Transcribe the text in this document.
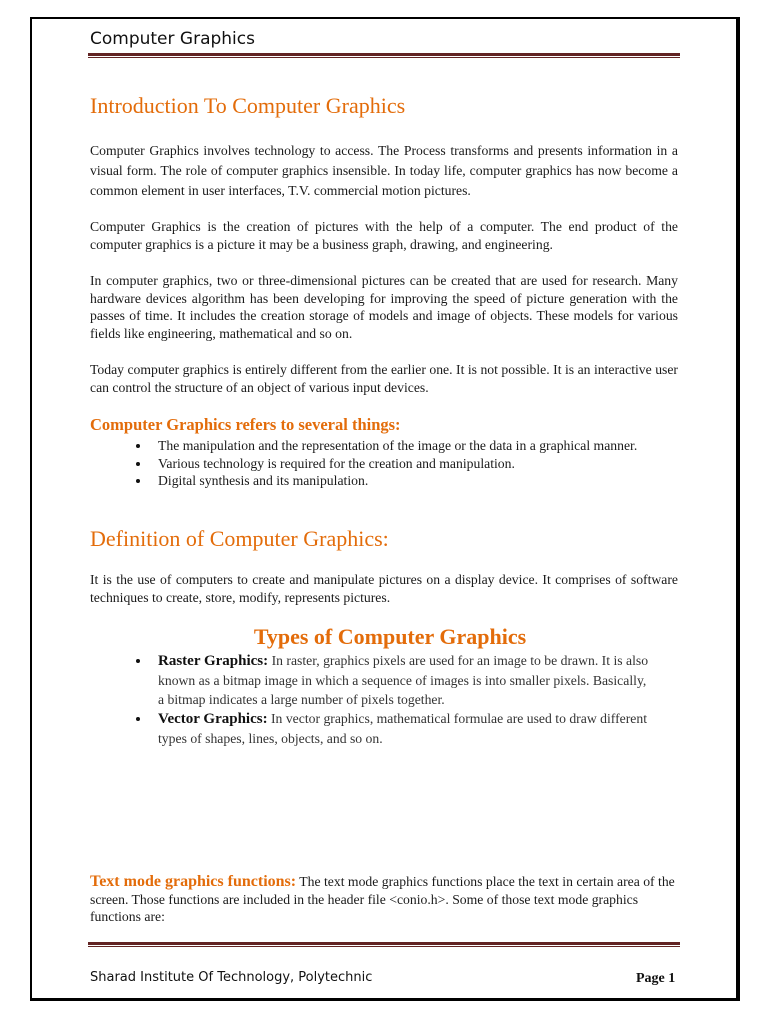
Computer Graphics
Introduction To Computer Graphics
Computer Graphics involves technology to access. The Process transforms and presents information in a visual form. The role of computer graphics insensible. In today life, computer graphics has now become a common element in user interfaces, T.V. commercial motion pictures.
Computer Graphics is the creation of pictures with the help of a computer. The end product of the computer graphics is a picture it may be a business graph, drawing, and engineering.
In computer graphics, two or three-dimensional pictures can be created that are used for research. Many hardware devices algorithm has been developing for improving the speed of picture generation with the passes of time. It includes the creation storage of models and image of objects. These models for various fields like engineering, mathematical and so on.
Today computer graphics is entirely different from the earlier one. It is not possible. It is an interactive user can control the structure of an object of various input devices.
Computer Graphics refers to several things:
The manipulation and the representation of the image or the data in a graphical manner.
Various technology is required for the creation and manipulation.
Digital synthesis and its manipulation.
Definition of Computer Graphics:
It is the use of computers to create and manipulate pictures on a display device. It comprises of software techniques to create, store, modify, represents pictures.
Types of Computer Graphics
Raster Graphics: In raster, graphics pixels are used for an image to be drawn. It is also known as a bitmap image in which a sequence of images is into smaller pixels. Basically, a bitmap indicates a large number of pixels together.
Vector Graphics: In vector graphics, mathematical formulae are used to draw different types of shapes, lines, objects, and so on.
Text mode graphics functions: The text mode graphics functions place the text in certain area of the screen. Those functions are included in the header file <conio.h>. Some of those text mode graphics functions are:
Sharad Institute Of Technology, Polytechnic	Page 1
